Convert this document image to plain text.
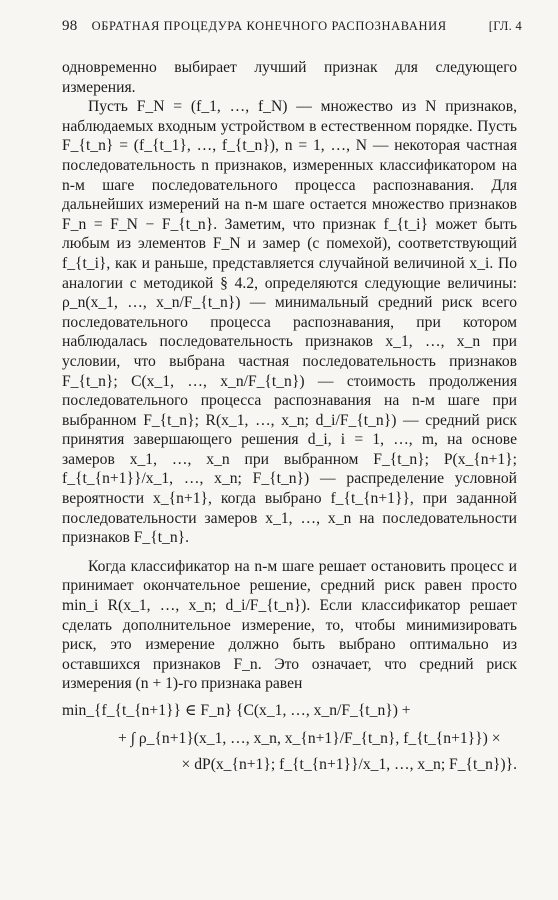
98 ОБРАТНАЯ ПРОЦЕДУРА КОНЕЧНОГО РАСПОЗНАВАНИЯ	[ГЛ. 4

одновременно выбирает лучший признак для следующего измерения.

Пусть F_N = (f_1, …, f_N) — множество из N признаков, наблюдаемых входным устройством в естественном порядке. Пусть F_{t_n} = (f_{t_1}, …, f_{t_n}), n = 1, …, N — некоторая частная последовательность n признаков, измеренных классификатором на n-м шаге последовательного процесса распознавания. Для дальнейших измерений на n-м шаге остается множество признаков F_n = F_N − F_{t_n}. Заметим, что признак f_{t_i} может быть любым из элементов F_N и замер (с помехой), соответствующий f_{t_i}, как и раньше, представляется случайной величиной x_i. По аналогии с методикой § 4.2, определяются следующие величины: ρ_n(x_1, …, x_n/F_{t_n}) — минимальный средний риск всего последовательного процесса распознавания, при котором наблюдалась последовательность признаков x_1, …, x_n при условии, что выбрана частная последовательность признаков F_{t_n}; C(x_1, …, x_n/F_{t_n}) — стоимость продолжения последовательного процесса распознавания на n-м шаге при выбранном F_{t_n}; R(x_1, …, x_n; d_i/F_{t_n}) — средний риск принятия завершающего решения d_i, i = 1, …, m, на основе замеров x_1, …, x_n при выбранном F_{t_n}; P(x_{n+1}; f_{t_{n+1}}/x_1, …, x_n; F_{t_n}) — распределение условной вероятности x_{n+1}, когда выбрано f_{t_{n+1}}, при заданной последовательности замеров x_1, …, x_n на последовательности признаков F_{t_n}.

Когда классификатор на n-м шаге решает остановить процесс и принимает окончательное решение, средний риск равен просто min_i R(x_1, …, x_n; d_i/F_{t_n}). Если классификатор решает сделать дополнительное измерение, то, чтобы минимизировать риск, это измерение должно быть выбрано оптимально из оставшихся признаков F_n. Это означает, что средний риск измерения (n + 1)-го признака равен

min_{f_{t_{n+1}} ∈ F_n} {C(x_1, …, x_n/F_{t_n}) +
+ ∫ ρ_{n+1}(x_1, …, x_n, x_{n+1}/F_{t_n}, f_{t_{n+1}}) ×
× dP(x_{n+1}; f_{t_{n+1}}/x_1, …, x_n; F_{t_n})}.
